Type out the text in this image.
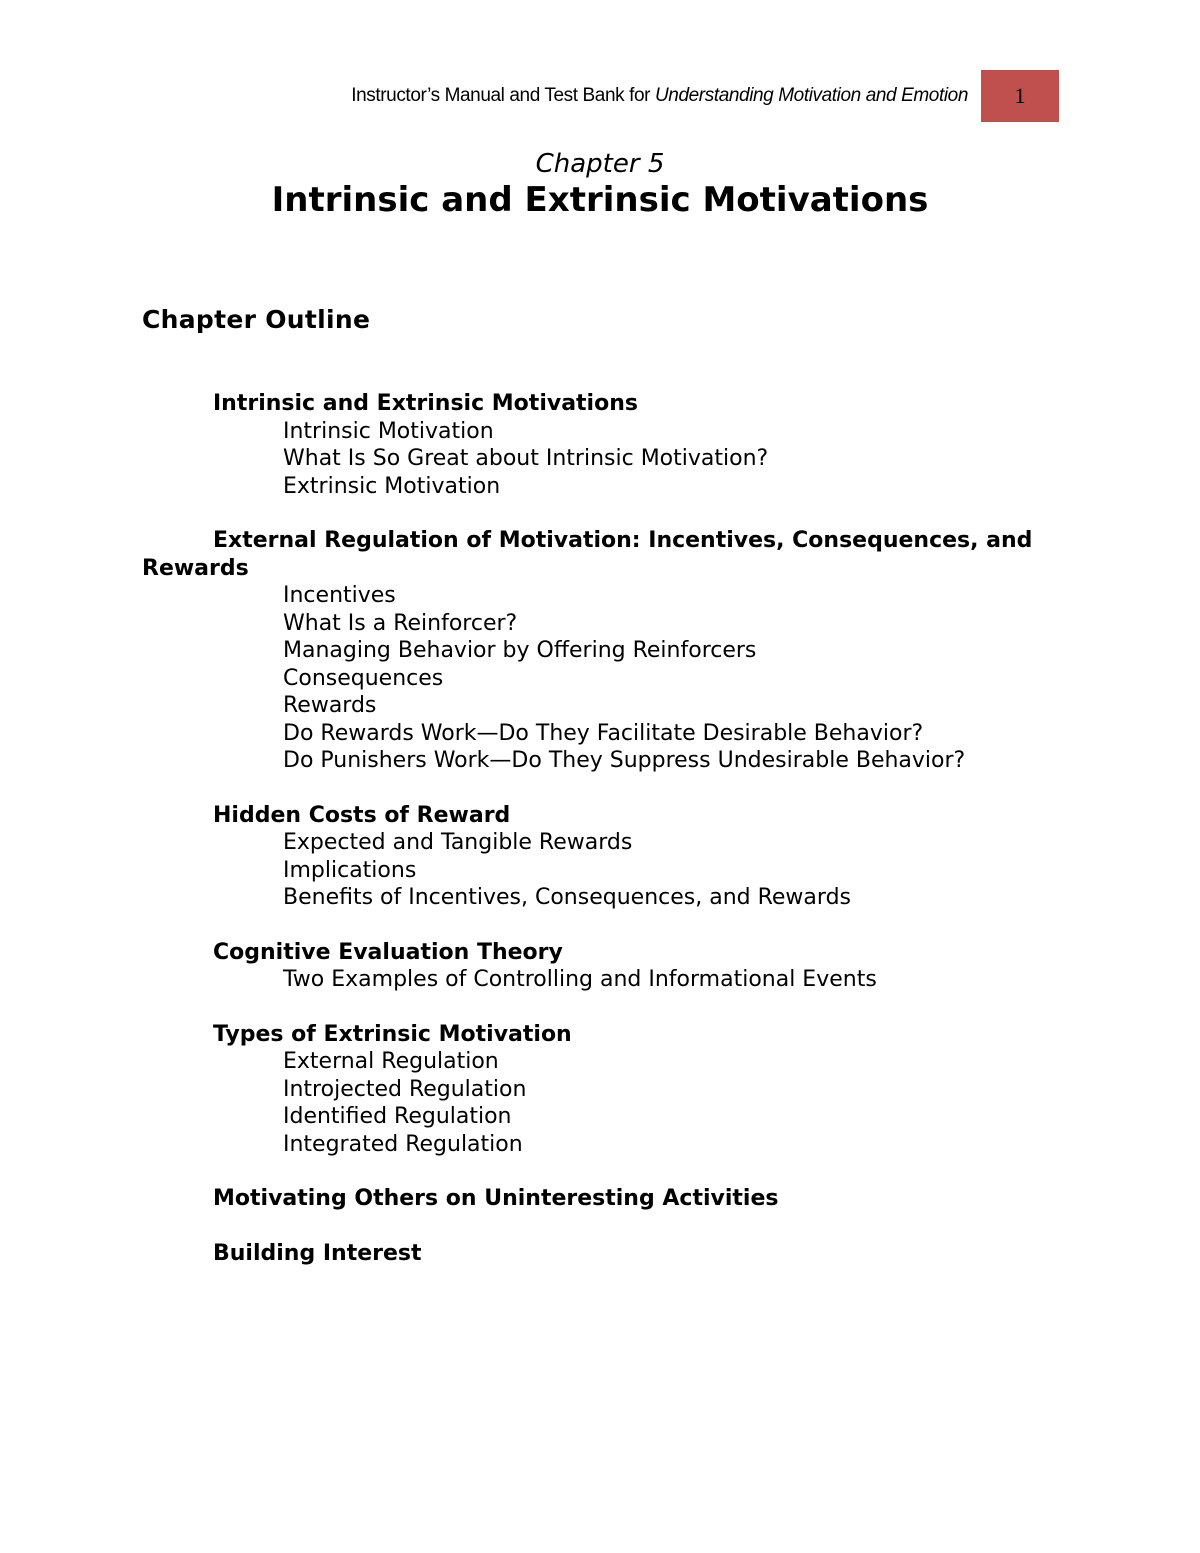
Instructor’s Manual and Test Bank for Understanding Motivation and Emotion 1
Chapter 5
Intrinsic and Extrinsic Motivations
Chapter Outline
Intrinsic and Extrinsic Motivations
Intrinsic Motivation
What Is So Great about Intrinsic Motivation?
Extrinsic Motivation
External Regulation of Motivation: Incentives, Consequences, and Rewards
Incentives
What Is a Reinforcer?
Managing Behavior by Offering Reinforcers
Consequences
Rewards
Do Rewards Work—Do They Facilitate Desirable Behavior?
Do Punishers Work—Do They Suppress Undesirable Behavior?
Hidden Costs of Reward
Expected and Tangible Rewards
Implications
Benefits of Incentives, Consequences, and Rewards
Cognitive Evaluation Theory
Two Examples of Controlling and Informational Events
Types of Extrinsic Motivation
External Regulation
Introjected Regulation
Identified Regulation
Integrated Regulation
Motivating Others on Uninteresting Activities
Building Interest
